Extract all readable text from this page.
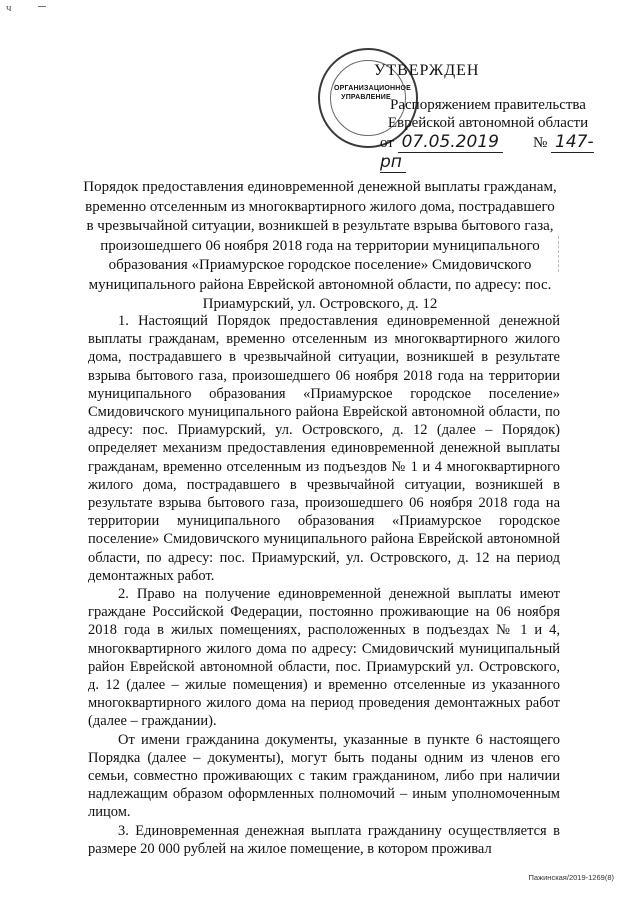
ч
ОРГАНИЗАЦИОННОЕ УПРАВЛЕНИЕ
УТВЕРЖДЕН
Распоряжением правительства
Еврейской автономной области
от 07.05.2019 № 147-рп
Порядок предоставления единовременной денежной выплаты гражданам, временно отселенным из многоквартирного жилого дома, пострадавшего в чрезвычайной ситуации, возникшей в результате взрыва бытового газа, произошедшего 06 ноября 2018 года на территории муниципального образования «Приамурское городское поселение» Смидовичского муниципального района Еврейской автономной области, по адресу: пос. Приамурский, ул. Островского, д. 12

1. Настоящий Порядок предоставления единовременной денежной выплаты гражданам, временно отселенным из многоквартирного жилого дома, пострадавшего в чрезвычайной ситуации, возникшей в результате взрыва бытового газа, произошедшего 06 ноября 2018 года на территории муниципального образования «Приамурское городское поселение» Смидовичского муниципального района Еврейской автономной области, по адресу: пос. Приамурский, ул. Островского, д. 12 (далее – Порядок) определяет механизм предоставления единовременной денежной выплаты гражданам, временно отселенным из подъездов № 1 и 4 многоквартирного жилого дома, пострадавшего в чрезвычайной ситуации, возникшей в результате взрыва бытового газа, произошедшего 06 ноября 2018 года на территории муниципального образования «Приамурское городское поселение» Смидовичского муниципального района Еврейской автономной области, по адресу: пос. Приамурский, ул. Островского, д. 12 на период демонтажных работ.

2. Право на получение единовременной денежной выплаты имеют граждане Российской Федерации, постоянно проживающие на 06 ноября 2018 года в жилых помещениях, расположенных в подъездах № 1 и 4, многоквартирного жилого дома по адресу: Смидовичский муниципальный район Еврейской автономной области, пос. Приамурский ул. Островского, д. 12 (далее – жилые помещения) и временно отселенные из указанного многоквартирного жилого дома на период проведения демонтажных работ (далее – граждании).

От имени гражданина документы, указанные в пункте 6 настоящего Порядка (далее – документы), могут быть поданы одним из членов его семьи, совместно проживающих с таким гражданином, либо при наличии надлежащим образом оформленных полномочий – иным уполномоченным лицом.

3. Единовременная денежная выплата гражданину осуществляется в размере 20 000 рублей на жилое помещение, в котором проживал

Пажинская/2019-1269(8)
